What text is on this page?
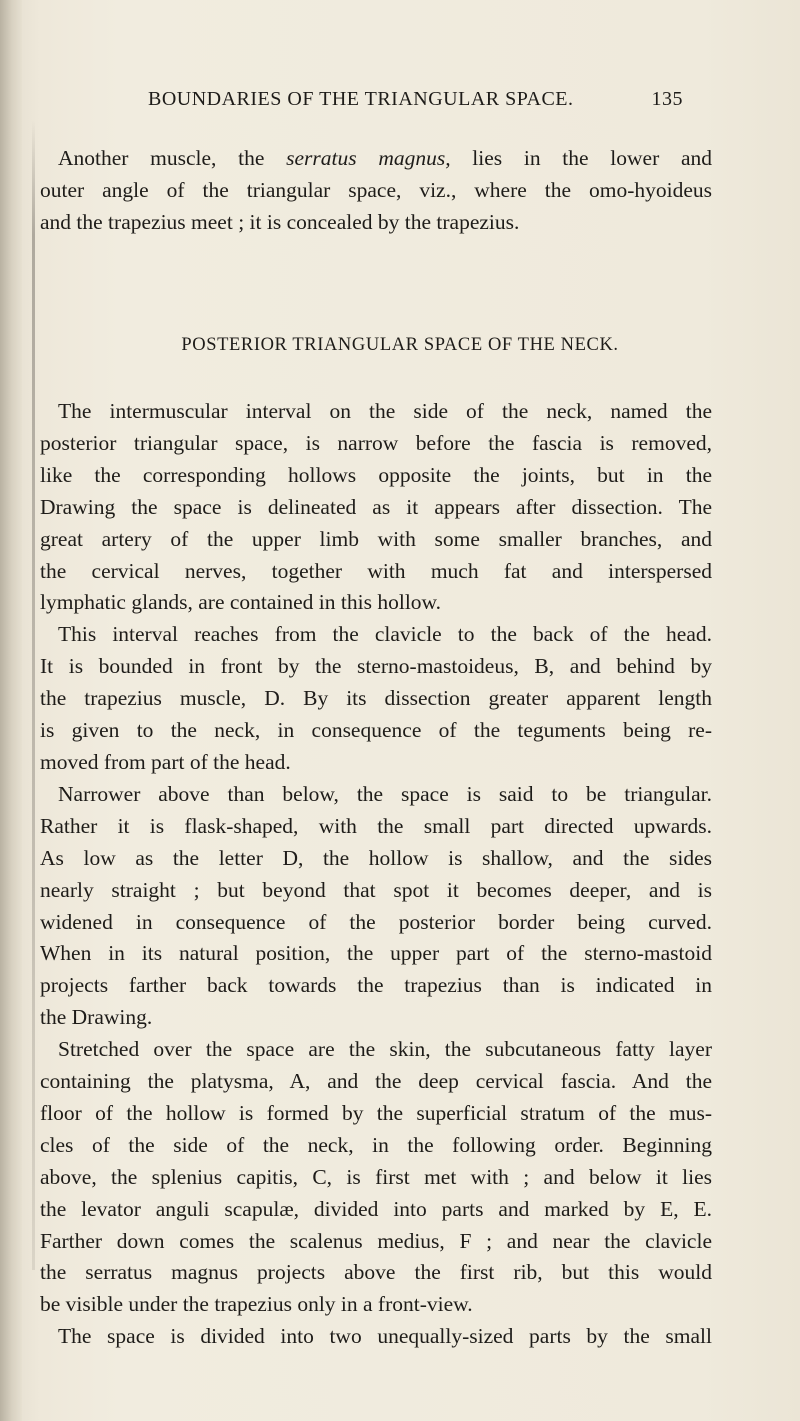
BOUNDARIES OF THE TRIANGULAR SPACE.	135
Another muscle, the serratus magnus, lies in the lower and
outer angle of the triangular space, viz., where the omo-hyoideus
and the trapezius meet ; it is concealed by the trapezius.
POSTERIOR TRIANGULAR SPACE OF THE NECK.
The intermuscular interval on the side of the neck, named the
posterior triangular space, is narrow before the fascia is removed,
like the corresponding hollows opposite the joints, but in the
Drawing the space is delineated as it appears after dissection. The
great artery of the upper limb with some smaller branches, and
the cervical nerves, together with much fat and interspersed
lymphatic glands, are contained in this hollow.
This interval reaches from the clavicle to the back of the head.
It is bounded in front by the sterno-mastoideus, B, and behind by
the trapezius muscle, D. By its dissection greater apparent length
is given to the neck, in consequence of the teguments being re-
moved from part of the head.
Narrower above than below, the space is said to be triangular.
Rather it is flask-shaped, with the small part directed upwards.
As low as the letter D, the hollow is shallow, and the sides
nearly straight ; but beyond that spot it becomes deeper, and is
widened in consequence of the posterior border being curved.
When in its natural position, the upper part of the sterno-mastoid
projects farther back towards the trapezius than is indicated in
the Drawing.
Stretched over the space are the skin, the subcutaneous fatty layer
containing the platysma, A, and the deep cervical fascia. And the
floor of the hollow is formed by the superficial stratum of the mus-
cles of the side of the neck, in the following order. Beginning
above, the splenius capitis, C, is first met with ; and below it lies
the levator anguli scapulæ, divided into parts and marked by E, E.
Farther down comes the scalenus medius, F ; and near the clavicle
the serratus magnus projects above the first rib, but this would
be visible under the trapezius only in a front-view.
The space is divided into two unequally-sized parts by the small
